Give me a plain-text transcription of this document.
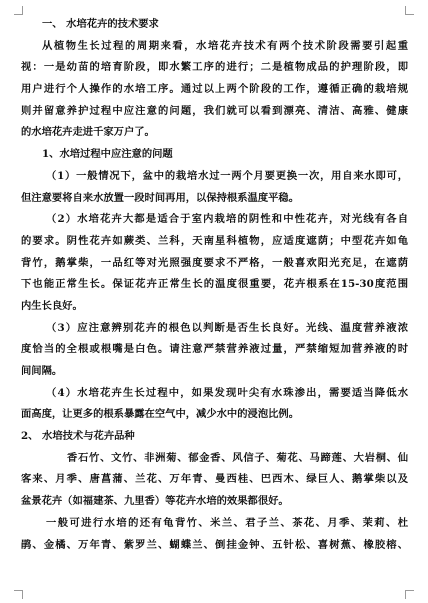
一、 水培花卉的技术要求
从植物生长过程的周期来看，水培花卉技术有两个技术阶段需要引起重
视：一是幼苗的培育阶段，即水繁工序的进行；二是植物成品的护理阶段，即
用户进行个人操作的水培工序。通过以上两个阶段的工作，遵循正确的栽培规
则并留意养护过程中应注意的问题，我们就可以看到漂亮、清洁、高雅、健康
的水培花卉走进千家万户了。
1、水培过程中应注意的问题
（1）一般情况下，盆中的栽培水过一两个月要更换一次，用自来水即可，
但注意要将自来水放置一段时间再用，以保持根系温度平稳。
（2）水培花卉大都是适合于室内栽培的阴性和中性花卉，对光线有各自
的要求。阴性花卉如蕨类、兰科，天南星科植物，应适度遮荫；中型花卉如龟
背竹，鹅掌柴，一品红等对光照强度要求不严格，一般喜欢阳光充足，在遮荫
下也能正常生长。保证花卉正常生长的温度很重要，花卉根系在15-30度范围
内生长良好。
（3）应注意辨别花卉的根色以判断是否生长良好。光线、温度营养液浓
度恰当的全根或根嘴是白色。请注意严禁营养液过量，严禁缩短加营养液的时
间间隔。
（4）水培花卉生长过程中，如果发现叶尖有水珠渗出，需要适当降低水
面高度，让更多的根系暴露在空气中，减少水中的浸泡比例。
2、 水培技术与花卉品种
香石竹、文竹、非洲菊、郁金香、风信子、菊花、马蹄莲、大岩桐、仙
客来、月季、唐菖蒲、兰花、万年青、曼西桂、巴西木、绿巨人、鹅掌柴以及
盆景花卉（如福建茶、九里香）等花卉水培的效果都很好。
一般可进行水培的还有龟背竹、米兰、君子兰、茶花、月季、茉莉、杜
鹃、金橘、万年青、紫罗兰、蝴蝶兰、倒挂金钟、五针松、喜树蕉、橡胶榕、
